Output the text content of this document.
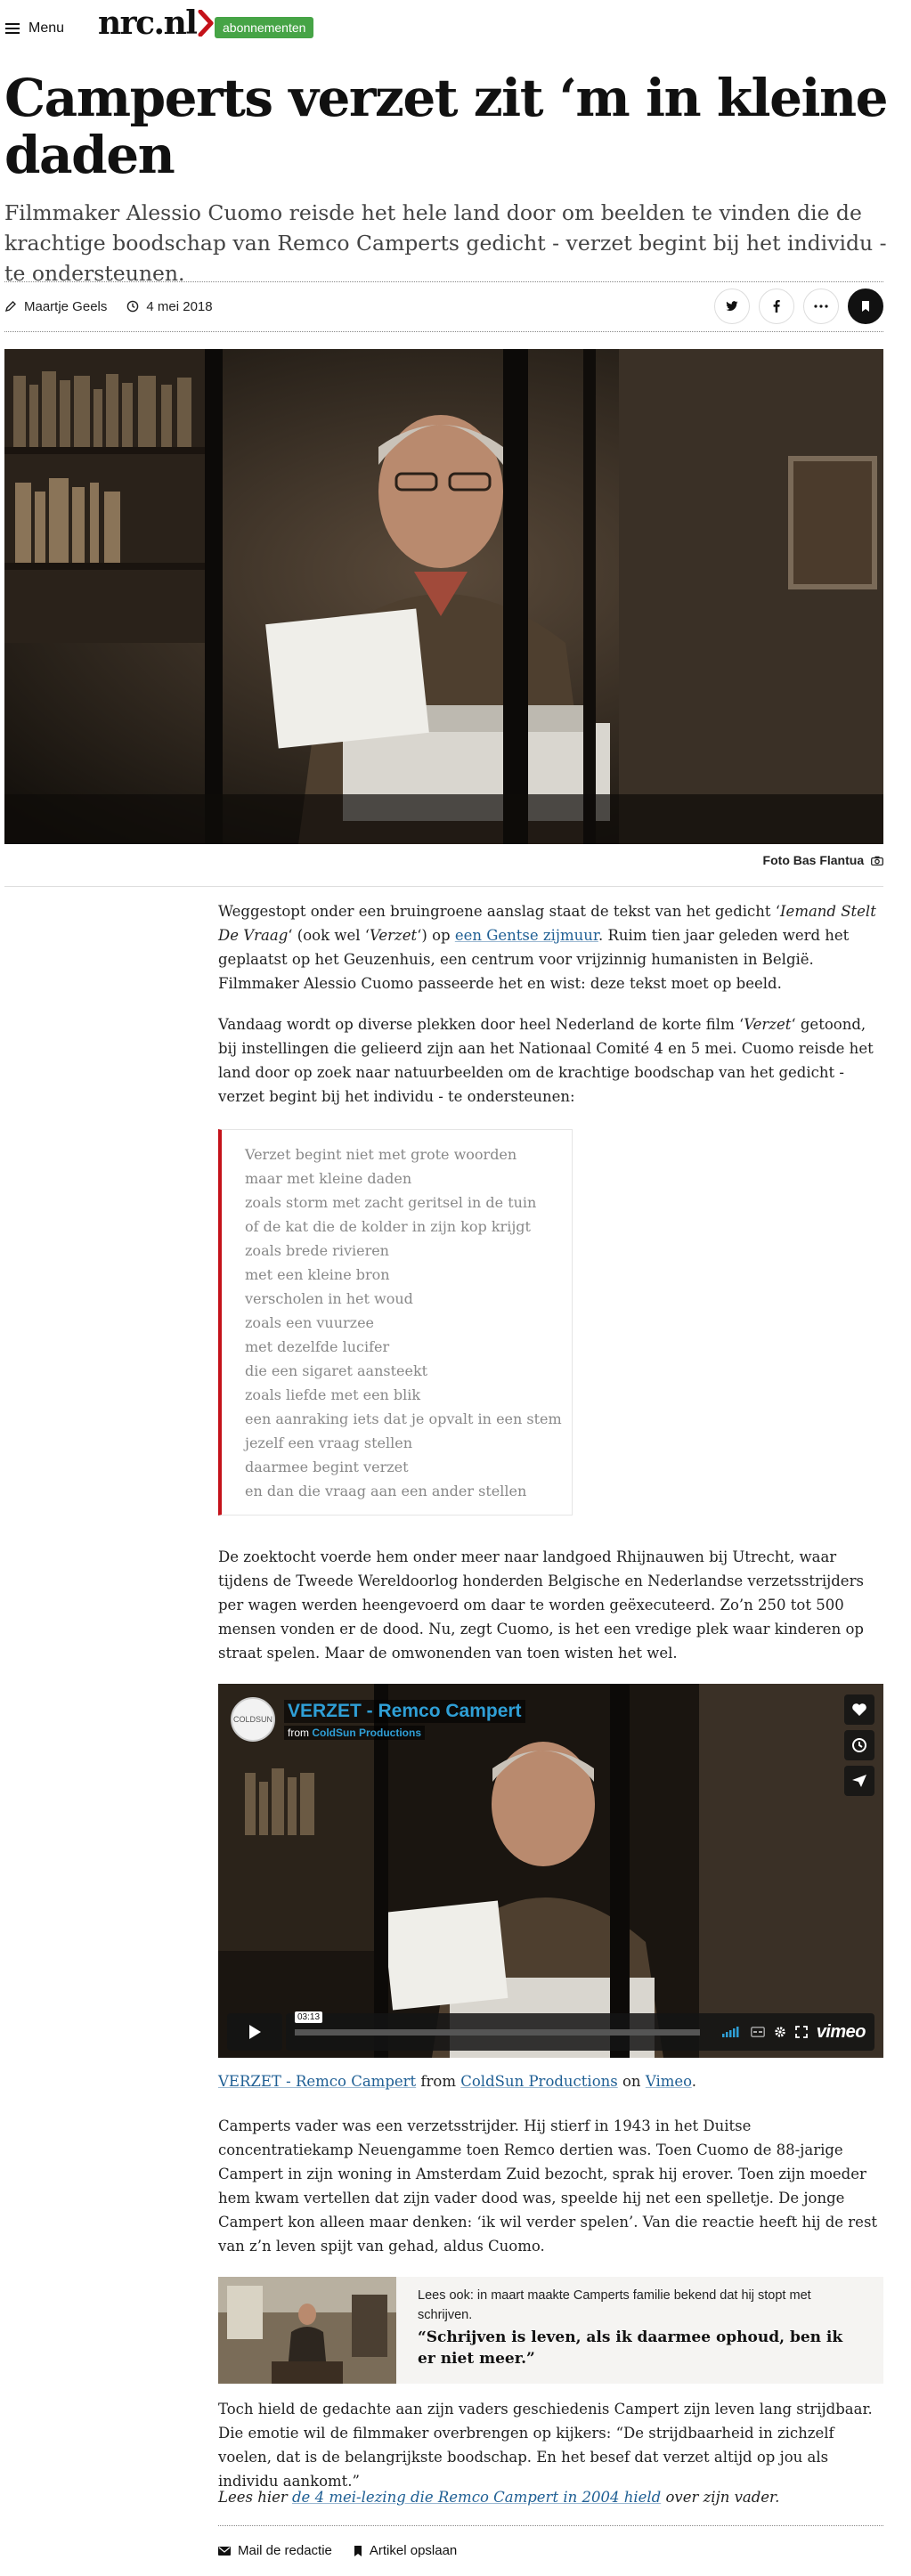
Menu nrc.nl	abonnementen
Camperts verzet zit ‘m in kleine daden

Filmmaker Alessio Cuomo reisde het hele land door om beelden te vinden die de krachtige boodschap van Remco Camperts gedicht - verzet begint bij het individu - te ondersteunen.

Maartje Geels	4 mei 2018
Foto Bas Flantua

Weggestopt onder een bruingroene aanslag staat de tekst van het gedicht ‘Iemand Stelt De Vraag‘ (ook wel ‘Verzet‘) op een Gentse zijmuur. Ruim tien jaar geleden werd het geplaatst op het Geuzenhuis, een centrum voor vrijzinnig humanisten in België. Filmmaker Alessio Cuomo passeerde het en wist: deze tekst moet op beeld.

Vandaag wordt op diverse plekken door heel Nederland de korte film ‘Verzet‘ getoond, bij instellingen die gelieerd zijn aan het Nationaal Comité 4 en 5 mei. Cuomo reisde het land door op zoek naar natuurbeelden om de krachtige boodschap van het gedicht - verzet begint bij het individu - te ondersteunen:

Verzet begint niet met grote woorden
maar met kleine daden
zoals storm met zacht geritsel in de tuin
of de kat die de kolder in zijn kop krijgt
zoals brede rivieren
met een kleine bron
verscholen in het woud
zoals een vuurzee
met dezelfde lucifer
die een sigaret aansteekt
zoals liefde met een blik
een aanraking iets dat je opvalt in een stem
jezelf een vraag stellen
daarmee begint verzet
en dan die vraag aan een ander stellen

De zoektocht voerde hem onder meer naar landgoed Rhijnauwen bij Utrecht, waar tijdens de Tweede Wereldoorlog honderden Belgische en Nederlandse verzetsstrijders per wagen werden heengevoerd om daar te worden geëxecuteerd. Zo’n 250 tot 500 mensen vonden er de dood. Nu, zegt Cuomo, is het een vredige plek waar kinderen op straat spelen. Maar de omwonenden van toen wisten het wel.

COLDSUN VERZET - Remco Campert
from ColdSun Productions
03:13
vimeo

VERZET - Remco Campert from ColdSun Productions on Vimeo.

Camperts vader was een verzetsstrijder. Hij stierf in 1943 in het Duitse concentratiekamp Neuengamme toen Remco dertien was. Toen Cuomo de 88-jarige Campert in zijn woning in Amsterdam Zuid bezocht, sprak hij erover. Toen zijn moeder hem kwam vertellen dat zijn vader dood was, speelde hij net een spelletje. De jonge Campert kon alleen maar denken: ‘ik wil verder spelen’. Van die reactie heeft hij de rest van z’n leven spijt van gehad, aldus Cuomo.

Lees ook: in maart maakte Camperts familie bekend dat hij stopt met schrijven.
“Schrijven is leven, als ik daarmee ophoud, ben ik er niet meer.”

Toch hield de gedachte aan zijn vaders geschiedenis Campert zijn leven lang strijdbaar. Die emotie wil de filmmaker overbrengen op kijkers: “De strijdbaarheid in zichzelf voelen, dat is de belangrijkste boodschap. En het besef dat verzet altijd op jou als individu aankomt.”

Lees hier de 4 mei-lezing die Remco Campert in 2004 hield over zijn vader.

Mail de redactie	Artikel opslaan
